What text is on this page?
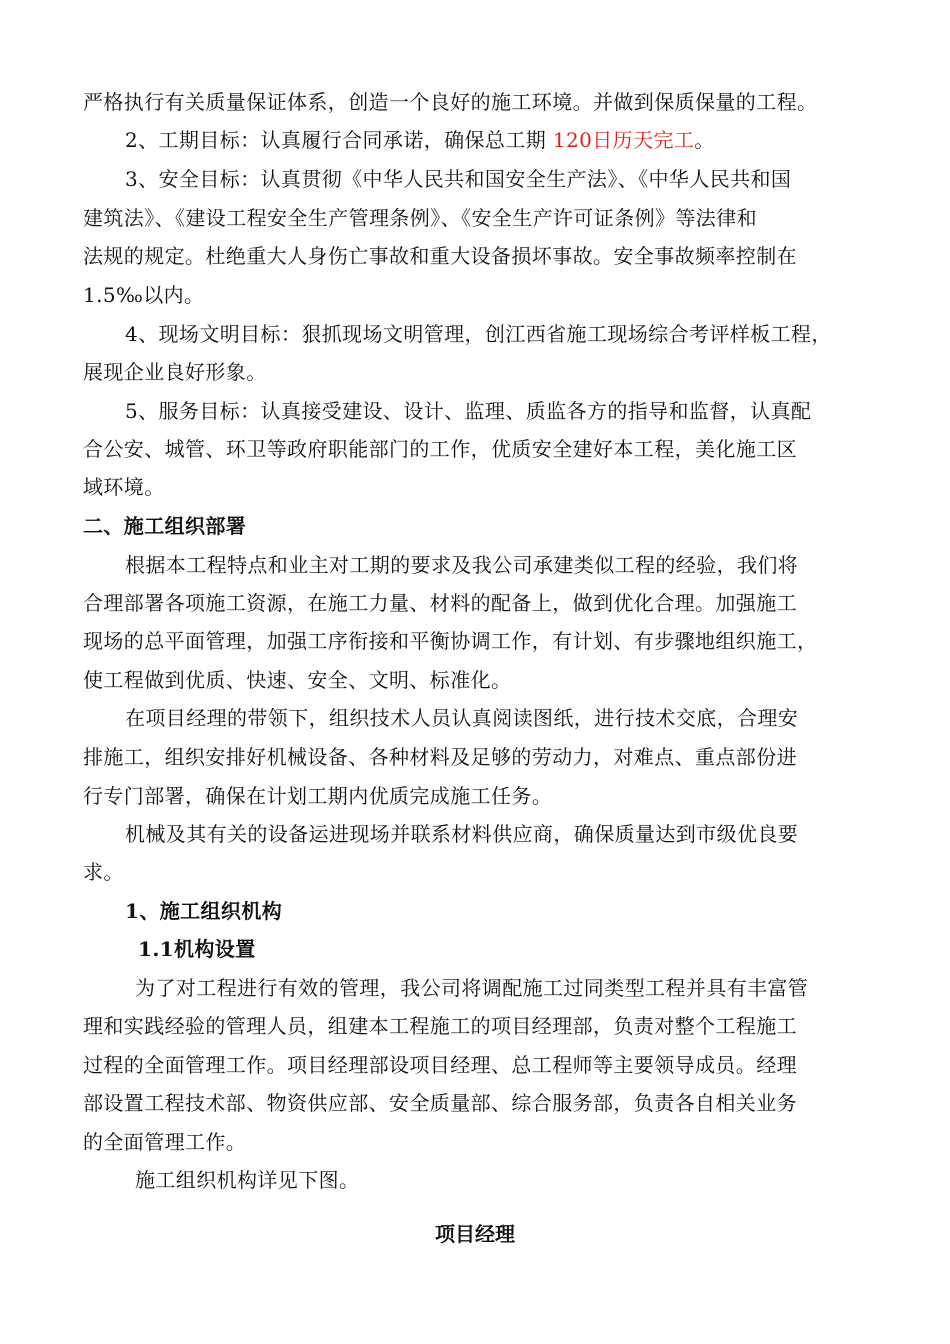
严格执行有关质量保证体系，创造一个良好的施工环境。并做到保质保量的工程。
2、工期目标：认真履行合同承诺，确保总工期 120日历天完工。
3、安全目标：认真贯彻《中华人民共和国安全生产法》、《中华人民共和国
建筑法》、《建设工程安全生产管理条例》、《安全生产许可证条例》等法律和
法规的规定。杜绝重大人身伤亡事故和重大设备损坏事故。安全事故频率控制在
1.5‰以内。
4、现场文明目标：狠抓现场文明管理，创江西省施工现场综合考评样板工程，
展现企业良好形象。
5、服务目标：认真接受建设、设计、监理、质监各方的指导和监督，认真配
合公安、城管、环卫等政府职能部门的工作，优质安全建好本工程，美化施工区
域环境。
二、施工组织部署
根据本工程特点和业主对工期的要求及我公司承建类似工程的经验，我们将
合理部署各项施工资源，在施工力量、材料的配备上，做到优化合理。加强施工
现场的总平面管理，加强工序衔接和平衡协调工作，有计划、有步骤地组织施工，
使工程做到优质、快速、安全、文明、标准化。
在项目经理的带领下，组织技术人员认真阅读图纸，进行技术交底，合理安
排施工，组织安排好机械设备、各种材料及足够的劳动力，对难点、重点部份进
行专门部署，确保在计划工期内优质完成施工任务。
机械及其有关的设备运进现场并联系材料供应商，确保质量达到市级优良要
求。
1、施工组织机构
1.1机构设置
为了对工程进行有效的管理，我公司将调配施工过同类型工程并具有丰富管
理和实践经验的管理人员，组建本工程施工的项目经理部，负责对整个工程施工
过程的全面管理工作。项目经理部设项目经理、总工程师等主要领导成员。经理
部设置工程技术部、物资供应部、安全质量部、综合服务部，负责各自相关业务
的全面管理工作。
施工组织机构详见下图。
项目经理
